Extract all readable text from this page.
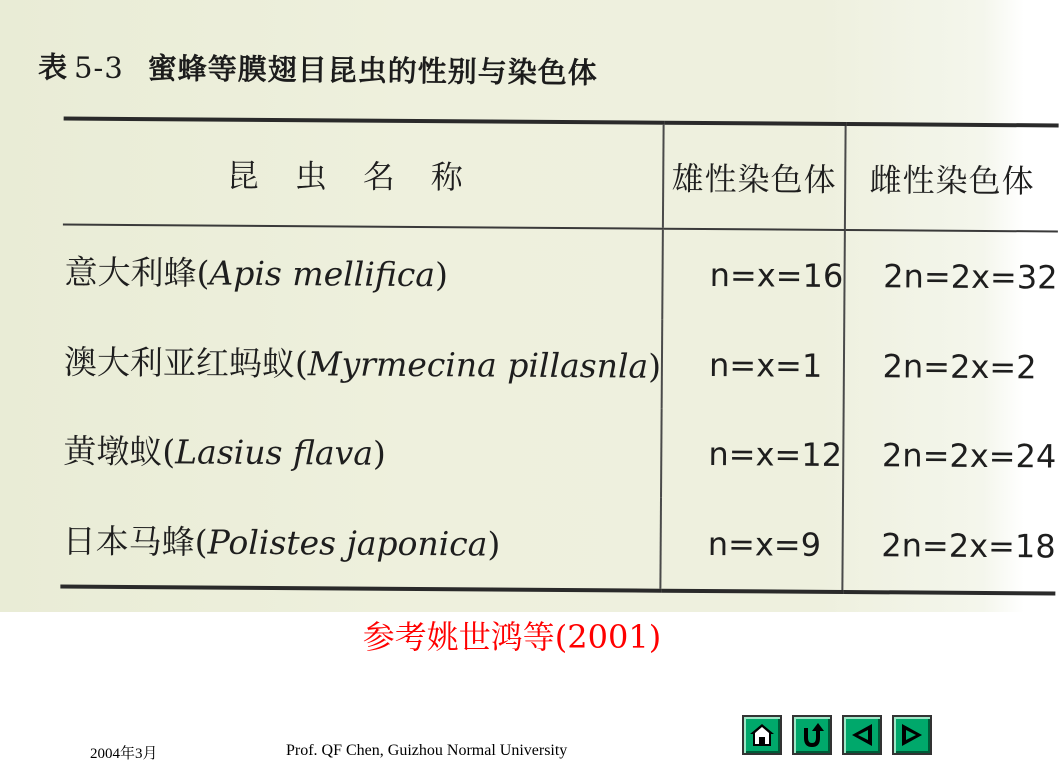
表 5-3 蜜蜂等膜翅目昆虫的性别与染色体
昆虫名称	雄性染色体	雌性染色体
意大利蜂(Apis mellifica)	n=x=16	2n=2x=32
澳大利亚红蚂蚁(Myrmecina pillasnla)	n=x=1	2n=2x=2
黄墩蚁(Lasius flava)	n=x=12	2n=2x=24
日本马蜂(Polistes japonica)	n=x=9	2n=2x=18
参考姚世鸿等(2001)
2004年3月	Prof. QF Chen, Guizhou Normal University
